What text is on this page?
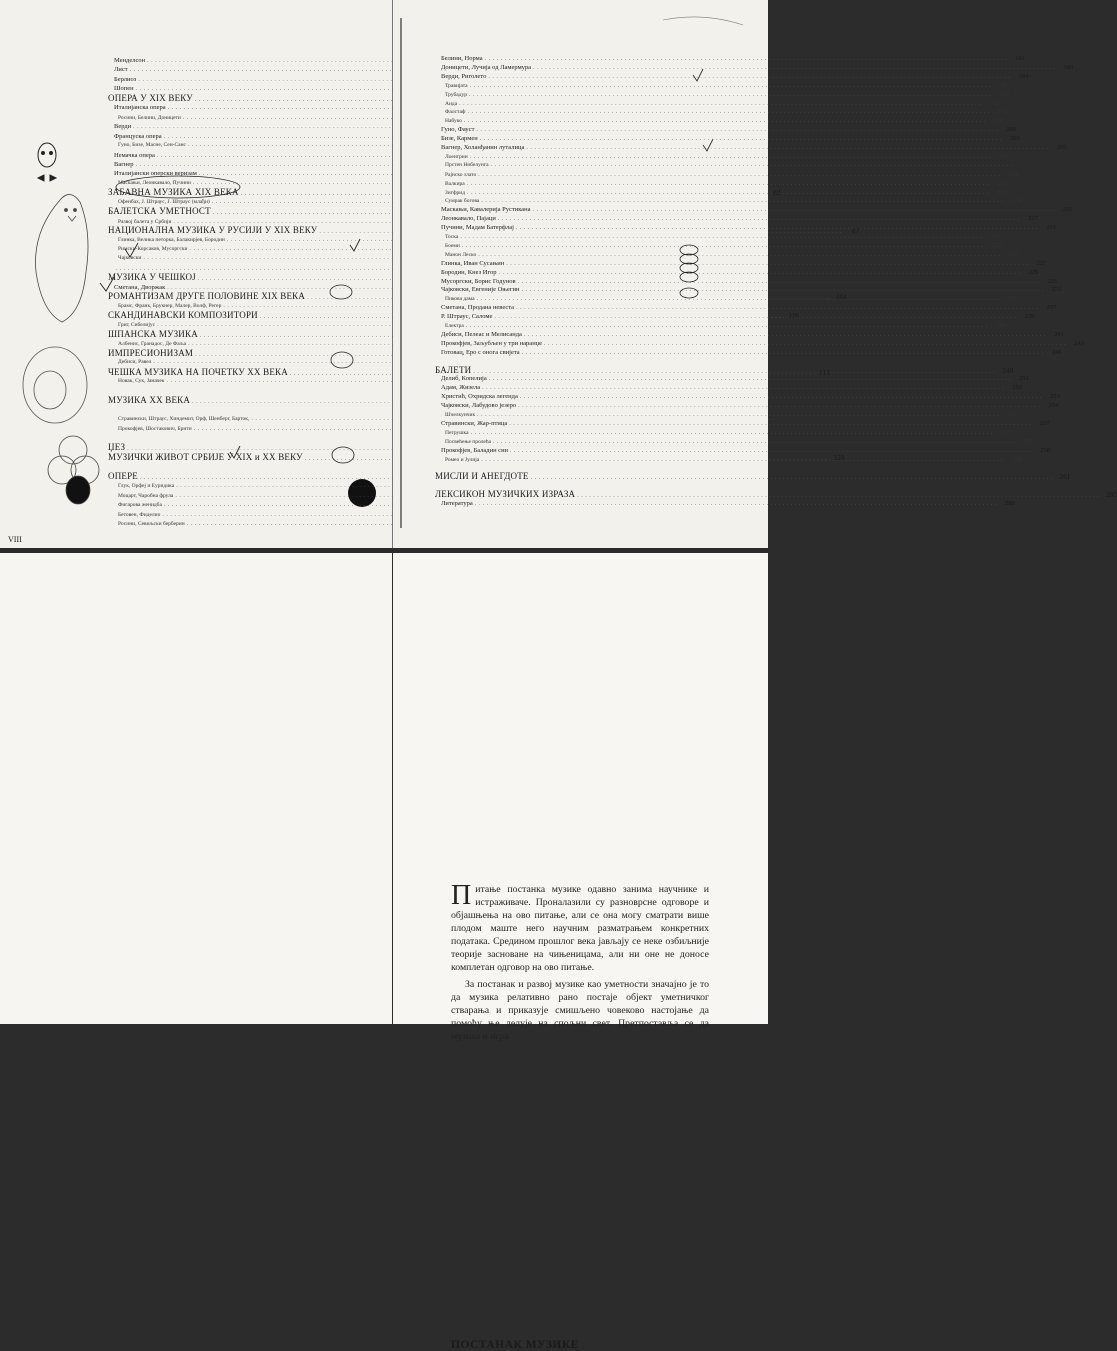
Менделсон
. . .
Лист
. . .
Берлиоз
. . .
Шопен
. . .
ОПЕРА У XIX ВЕКУ
. . .
Италијанска опера
. . .
Росини, Белини, Доницети
. . .
Верди
. . .
Француска опера
. . .
Гуно, Бизе, Масне, Сен-Санс
. . .
Немачка опера
. . .
Вагнер
. . .
Италијански оперски веризам
. . .
Маскањи, Леонкавало, Пучини
. . .
ЗАБАВНА МУЗИКА XIX ВЕКА . . .	82
Офенбах, Ј. Штраус, Ј. Штраус (млађи)
. . .
БАЛЕТСКА УМЕТНОСТ
. . .
Развој балета у Србији
. . .
НАЦИОНАЛНА МУЗИКА У РУСИЈИ У XIX ВЕКУ . . .	87
Глинка, Велика петорка, Балакирјев, Бородин
. . .
Римски-Корсаков, Мусоргски
. . .
Чајковски
. . .
. . .
МУЗИКА У ЧЕШКОЈ
. . .
Сметана, Дворжак
. . .
РОМАНТИЗАМ ДРУГЕ ПОЛОВИНЕ XIX ВЕКА . . .	104
Брамс, Франк, Брукнер, Малер, Волф, Регер
. . .
СКАНДИНАВСКИ КОМПОЗИТОРИ . . .	106
Григ, Сибелијус
. . .
ШПАНСКА МУЗИКА
. . .
Албенис, Гранадос, Де Фаља
. . .
ИМПРЕСИОНИЗАМ
. . .
Дебиси, Равел
. . .
ЧЕШКА МУЗИКА НА ПОЧЕТКУ XX ВЕКА . . .	113
Новак, Сук, Јаначек
. . .
МУЗИКА XX ВЕКА
. . .
Стравински, Штраус, Хиндемит, Орф, Шенберг, Барток,
. . .
Прокофјев, Шостакович, Бритн
. . .
ЏЕЗ
. . .
МУЗИЧКИ ЖИВОТ СРБИЈЕ У XIX и XX ВЕКУ . . .	128
ОПЕРЕ
. . .
Глук, Орфеј и Еуридика
. . .
Моцарт, Чаробна фрула
. . .
Фигарова женидба
. . .
Бетовен, Фиделио
. . .
Росини, Севиљски берберин
. . .
VIII
Белини, Норма . . .	181
Доницети, Лучија од Ламермура . . .	183
Верди, Риголето . . .	184
Травијата . . .	187
Трубадур . . .	189
Аида . . .	192
Фалстаф . . .	195
Набуко . . .	197
Гуно, Фауст . . .	200
Бизе, Кармен . . .	203
Вагнер, Холанђанин луталица . . .	205
Лоенгрин . . .	207
Прстен Нибелунга
. . .
Рајнско злато . . .	209
Валкира . . .	211
Зигфрид . . .	212
Сумрак богова . . .	214
Маскањи, Кавалерија Рустикана . . .	216
Леонкавало, Пајаци . . .	217
Пучини, Мадам Батерфлај . . .	219
Тоска . . .	221
Боеми . . .	223
Манон Леско . . .	225
Глинка, Иван Сусањин . . .	227
Бородин, Кнез Игор . . .	229
Мусоргски, Борис Годунов . . .	231
Чајковски, Евгеније Оњегин . . .	233
Пикова дама . . .	235
Сметана, Продана невеста . . .	237
Р. Штраус, Саломе . . .	239
Електра . . .	240
Дебиси, Пелеас и Мелисанда . . .	241
Прокофјев, Заљубљен у три наранџе . . .	243
Готовац, Еро с онога свијета . . .	246
БАЛЕТИ . . .	249
Делиб, Копелија . . .	251
Адам, Жизела . . .	252
Христић, Охридска легенда . . .	253
Чајковски, Лабудово језеро . . .	254
Шчелкунчик . . .	256
Стравински, Жар-птица . . .	257
Петрушка . . .	257
Посвећење пролећа . . .	258
Прокофјев, Баладин син . . .	258
Ромео и Јулија . . .	259
МИСЛИ И АНЕГДОТЕ . . .	261
ЛЕКСИКОН МУЗИЧКИХ ИЗРАЗА . . .	285
Литература . . .	289
ПОСТАНАК МУЗИКЕ

Питање постанка музике одавно занима научнике и истраживаче. Проналазили су разноврсне одговоре и објашњења на ово питање, али се она могу сматрати више плодом маште него научним разматрањем конкретних података. Средином прошлог века јављају се неке озбиљније теорије засноване на чињеницама, али ни оне не доносе комплетан одговор на ово питање.

За постанак и развој музике као уметности значајно је то да музика релативно рано постаје објект уметничког стварања и приказује смишљено човеково настојање да помоћу ње делује на спољни свет. Претпоставља се да музика и игра
